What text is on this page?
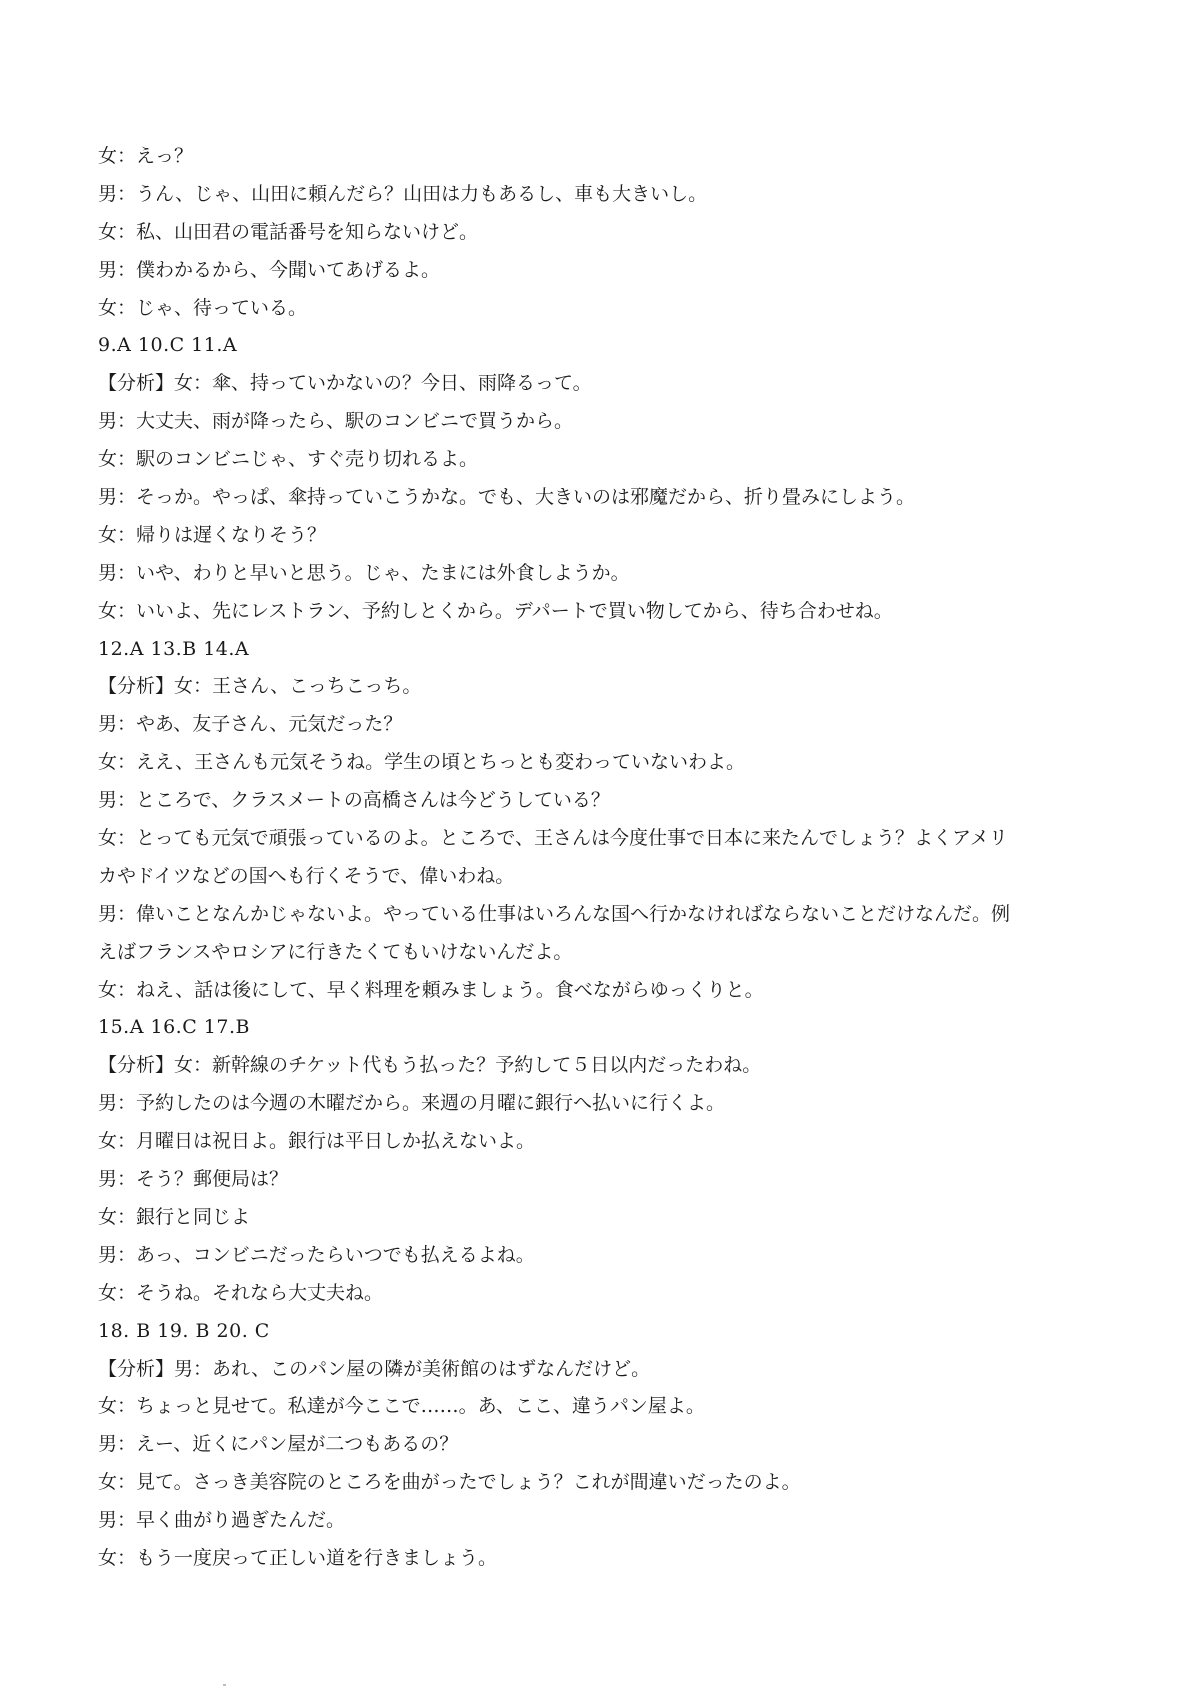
女：えっ？
男：うん、じゃ、山田に頼んだら？山田は力もあるし、車も大きいし。
女：私、山田君の電話番号を知らないけど。
男：僕わかるから、今聞いてあげるよ。
女：じゃ、待っている。
9.A 10.C 11.A
【分析】女：傘、持っていかないの？今日、雨降るって。
男：大丈夫、雨が降ったら、駅のコンビニで買うから。
女：駅のコンビニじゃ、すぐ売り切れるよ。
男：そっか。やっぱ、傘持っていこうかな。でも、大きいのは邪魔だから、折り畳みにしよう。
女：帰りは遅くなりそう？
男：いや、わりと早いと思う。じゃ、たまには外食しようか。
女：いいよ、先にレストラン、予約しとくから。デパートで買い物してから、待ち合わせね。
12.A 13.B 14.A
【分析】女：王さん、こっちこっち。
男：やあ、友子さん、元気だった？
女：ええ、王さんも元気そうね。学生の頃とちっとも変わっていないわよ。
男：ところで、クラスメートの高橋さんは今どうしている？
女：とっても元気で頑張っているのよ。ところで、王さんは今度仕事で日本に来たんでしょう？よくアメリ
カやドイツなどの国へも行くそうで、偉いわね。
男：偉いことなんかじゃないよ。やっている仕事はいろんな国へ行かなければならないことだけなんだ。例
えばフランスやロシアに行きたくてもいけないんだよ。
女：ねえ、話は後にして、早く料理を頼みましょう。食べながらゆっくりと。
15.A 16.C 17.B
【分析】女：新幹線のチケット代もう払った？予約して５日以内だったわね。
男：予約したのは今週の木曜だから。来週の月曜に銀行へ払いに行くよ。
女：月曜日は祝日よ。銀行は平日しか払えないよ。
男：そう？郵便局は？
女：銀行と同じよ
男：あっ、コンビニだったらいつでも払えるよね。
女：そうね。それなら大丈夫ね。
18. B 19. B 20. C
【分析】男：あれ、このパン屋の隣が美術館のはずなんだけど。
女：ちょっと見せて。私達が今ここで……。あ、ここ、違うパン屋よ。
男：えー、近くにパン屋が二つもあるの？
女：見て。さっき美容院のところを曲がったでしょう？これが間違いだったのよ。
男：早く曲がり過ぎたんだ。
女：もう一度戻って正しい道を行きましょう。
